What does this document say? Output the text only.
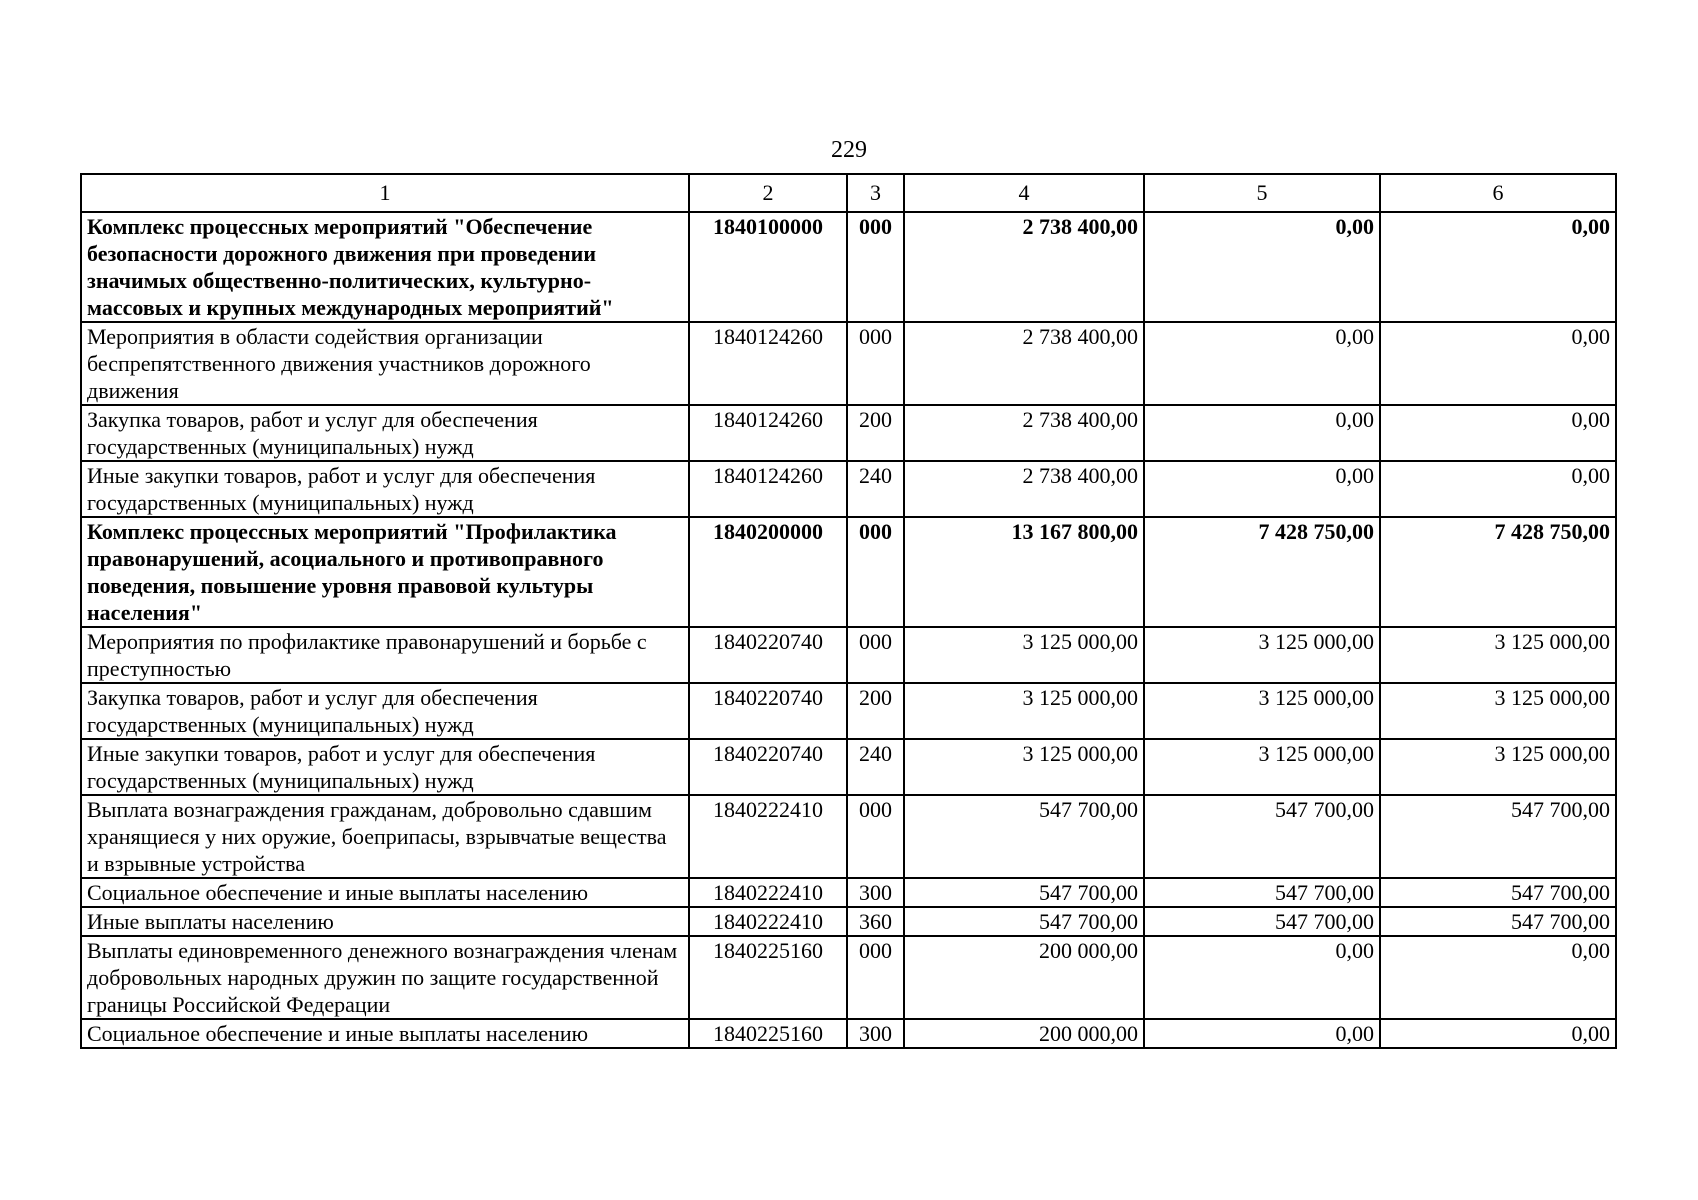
229
1	2	3	4	5	6
Комплекс процессных мероприятий "Обеспечение безопасности дорожного движения при проведении значимых общественно-политических, культурно-массовых и крупных международных мероприятий"	1840100000	000	2 738 400,00	0,00	0,00
Мероприятия в области содействия организации беспрепятственного движения участников дорожного движения	1840124260	000	2 738 400,00	0,00	0,00
Закупка товаров, работ и услуг для обеспечения государственных (муниципальных) нужд	1840124260	200	2 738 400,00	0,00	0,00
Иные закупки товаров, работ и услуг для обеспечения государственных (муниципальных) нужд	1840124260	240	2 738 400,00	0,00	0,00
Комплекс процессных мероприятий "Профилактика правонарушений, асоциального и противоправного поведения, повышение уровня правовой культуры населения"	1840200000	000	13 167 800,00	7 428 750,00	7 428 750,00
Мероприятия по профилактике правонарушений и борьбе с преступностью	1840220740	000	3 125 000,00	3 125 000,00	3 125 000,00
Закупка товаров, работ и услуг для обеспечения государственных (муниципальных) нужд	1840220740	200	3 125 000,00	3 125 000,00	3 125 000,00
Иные закупки товаров, работ и услуг для обеспечения государственных (муниципальных) нужд	1840220740	240	3 125 000,00	3 125 000,00	3 125 000,00
Выплата вознаграждения гражданам, добровольно сдавшим хранящиеся у них оружие, боеприпасы, взрывчатые вещества и взрывные устройства	1840222410	000	547 700,00	547 700,00	547 700,00
Социальное обеспечение и иные выплаты населению	1840222410	300	547 700,00	547 700,00	547 700,00
Иные выплаты населению	1840222410	360	547 700,00	547 700,00	547 700,00
Выплаты единовременного денежного вознаграждения членам добровольных народных дружин по защите государственной границы Российской Федерации	1840225160	000	200 000,00	0,00	0,00
Социальное обеспечение и иные выплаты населению	1840225160	300	200 000,00	0,00	0,00
